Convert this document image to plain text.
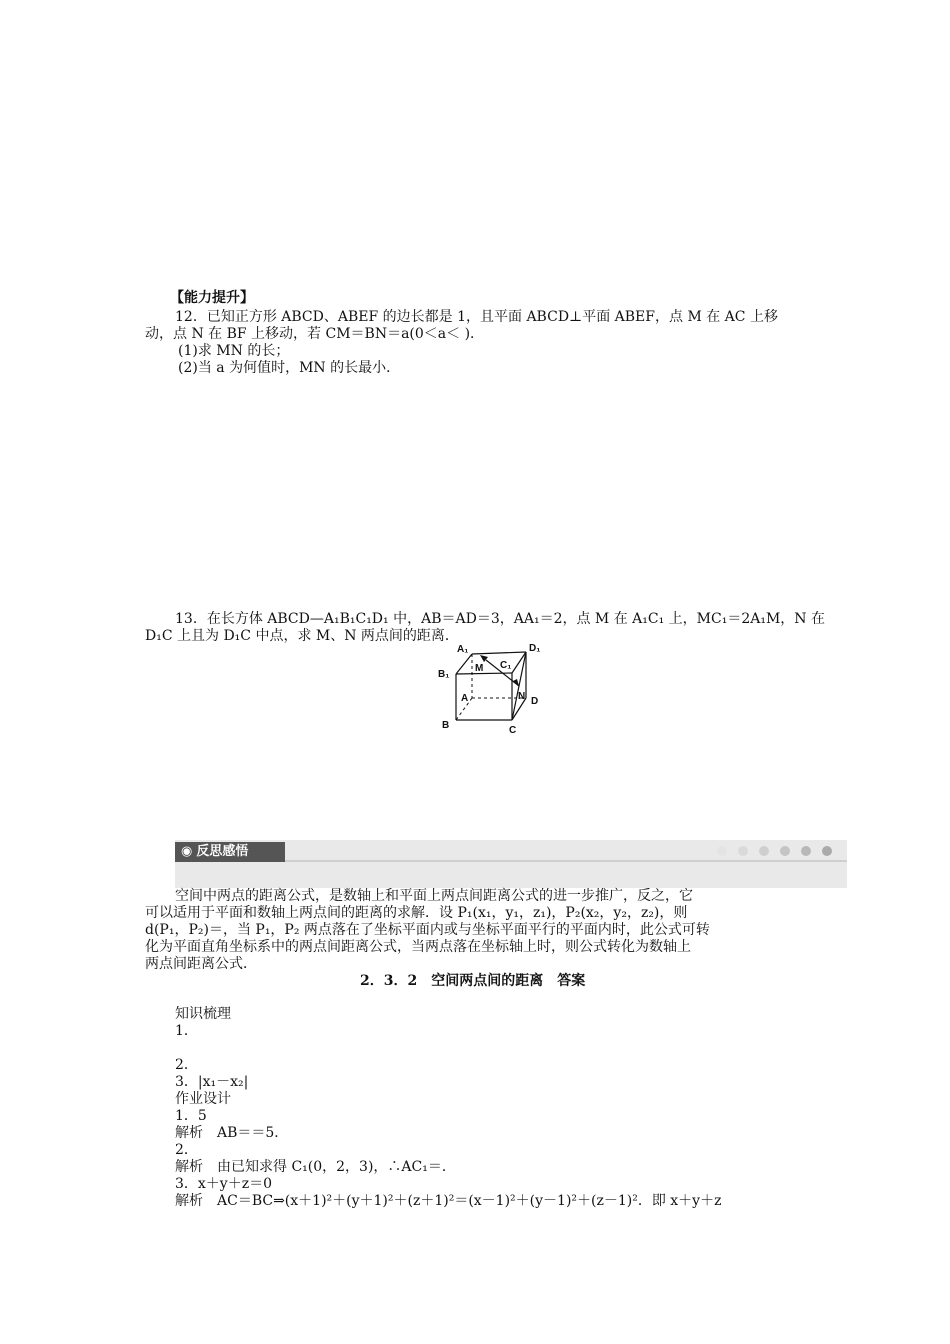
【能力提升】
12．已知正方形 ABCD、ABEF 的边长都是 1，且平面 ABCD⊥平面 ABEF，点 M 在 AC 上移
动，点 N 在 BF 上移动，若 CM＝BN＝a(0＜a＜ )．
(1)求 MN 的长；
(2)当 a 为何值时，MN 的长最小．
13．在长方体 ABCD—A₁B₁C₁D₁ 中，AB＝AD＝3，AA₁＝2，点 M 在 A₁C₁ 上，MC₁＝2A₁M，N 在
D₁C 上且为 D₁C 中点，求 M、N 两点间的距离．
A₁	D₁
M C₁
B₁
A	N D
B	C
◉ 反思感悟
空间中两点的距离公式，是数轴上和平面上两点间距离公式的进一步推广，反之，它
可以适用于平面和数轴上两点间的距离的求解．设 P₁(x₁，y₁，z₁)，P₂(x₂，y₂，z₂)，则
d(P₁，P₂)＝，当 P₁，P₂ 两点落在了坐标平面内或与坐标平面平行的平面内时，此公式可转
化为平面直角坐标系中的两点间距离公式，当两点落在坐标轴上时，则公式转化为数轴上
两点间距离公式．
2．3．2　空间两点间的距离　答案
知识梳理
1．
2．
3．|x₁－x₂|
作业设计
1．5
解析　AB＝＝5．
2．
解析　由已知求得 C₁(0，2，3)，∴AC₁＝．
3．x＋y＋z＝0
解析　AC＝BC⇒(x＋1)²＋(y＋1)²＋(z＋1)²＝(x－1)²＋(y－1)²＋(z－1)²．即 x＋y＋z
